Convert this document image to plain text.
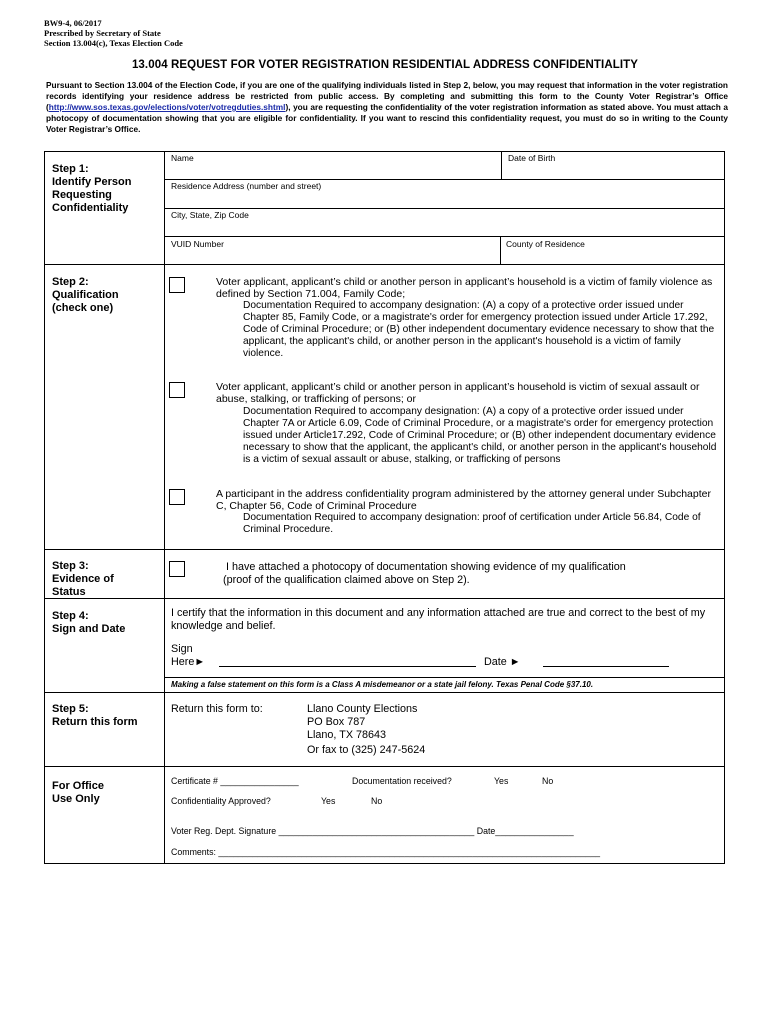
BW9-4, 06/2017
Prescribed by Secretary of State
Section 13.004(c), Texas Election Code
13.004 REQUEST FOR VOTER REGISTRATION RESIDENTIAL ADDRESS CONFIDENTIALITY
Pursuant to Section 13.004 of the Election Code, if you are one of the qualifying individuals listed in Step 2, below, you may request that information in the voter registration records identifying your residence address be restricted from public access. By completing and submitting this form to the County Voter Registrar’s Office (http://www.sos.texas.gov/elections/voter/votregduties.shtml), you are requesting the confidentiality of the voter registration information as stated above. You must attach a photocopy of documentation showing that you are eligible for confidentiality. If you want to rescind this confidentiality request, you must do so in writing to the County Voter Registrar’s Office.
Step 1:
Identify Person
Requesting
Confidentiality
Name	Date of Birth
Residence Address (number and street)
City, State, Zip Code
VUID Number	County of Residence
Step 2:
Qualification
(check one)
Voter applicant, applicant’s child or another person in applicant’s household is a victim of family violence as defined by Section 71.004, Family Code;
Documentation Required to accompany designation: (A) a copy of a protective order issued under Chapter 85, Family Code, or a magistrate's order for emergency protection issued under Article 17.292, Code of Criminal Procedure; or (B) other independent documentary evidence necessary to show that the applicant, the applicant's child, or another person in the applicant's household is a victim of family violence.
Voter applicant, applicant’s child or another person in applicant’s household is victim of sexual assault or abuse, stalking, or trafficking of persons; or
Documentation Required to accompany designation: (A) a copy of a protective order issued under Chapter 7A or Article 6.09, Code of Criminal Procedure, or a magistrate's order for emergency protection issued under Article17.292, Code of Criminal Procedure; or (B) other independent documentary evidence necessary to show that the applicant, the applicant's child, or another person in the applicant's household is a victim of sexual assault or abuse, stalking, or trafficking of persons
A participant in the address confidentiality program administered by the attorney general under Subchapter C, Chapter 56, Code of Criminal Procedure
Documentation Required to accompany designation: proof of certification under Article 56.84, Code of Criminal Procedure.
Step 3:
Evidence of
Status
I have attached a photocopy of documentation showing evidence of my qualification
(proof of the qualification claimed above on Step 2).
Step 4:
Sign and Date
I certify that the information in this document and any information attached are true and correct to the best of my knowledge and belief.
Sign
Here►	Date ►
Making a false statement on this form is a Class A misdemeanor or a state jail felony. Texas Penal Code §37.10.
Step 5:
Return this form
Return this form to:	Llano County Elections
PO Box 787
Llano, TX 78643
Or fax to (325) 247-5624
For Office
Use Only
Certificate # ________________	Documentation received?	Yes	No
Confidentiality Approved?	Yes	No
Voter Reg. Dept. Signature ________________________________________ Date________________
Comments: ______________________________________________________________________________
